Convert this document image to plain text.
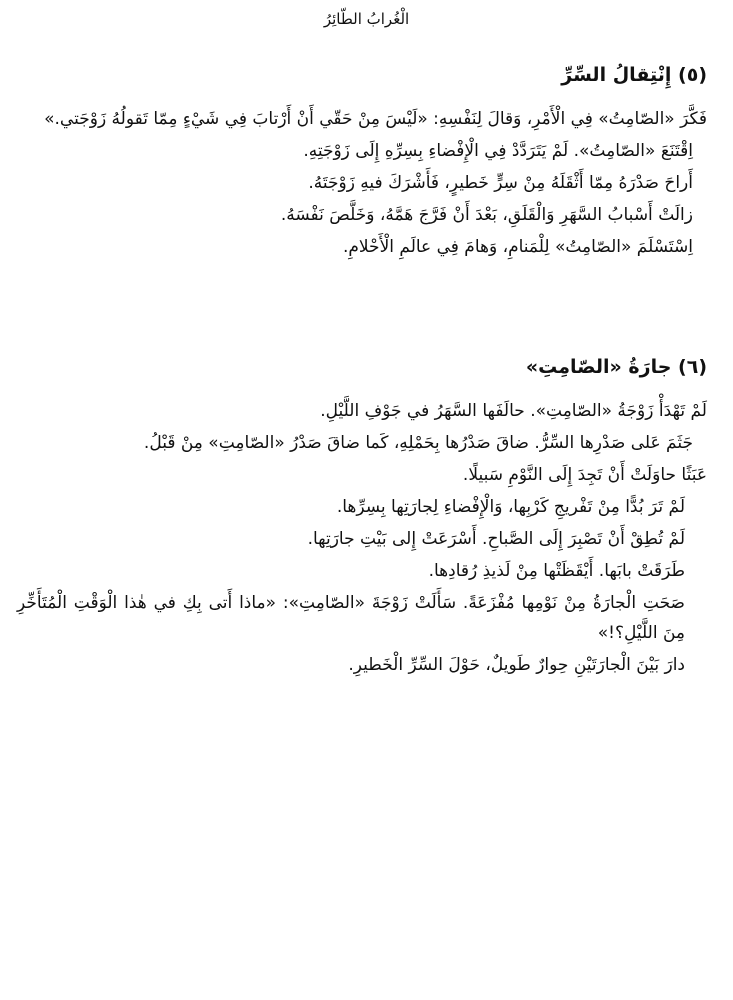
الْغُرابُ الطّائِرُ
(٥) إِنْتِقالُ السِّرِّ

فَكَّرَ «الصّامِتُ» فِي الْأَمْرِ، وَقالَ لِنَفْسِهِ: «لَيْسَ مِنْ حَقّي أَنْ أَرْتابَ فِي شَيْءٍ مِمّا تَقولُهُ زَوْجَتي.»

اِقْتَنَعَ «الصّامِتُ». لَمْ يَتَرَدَّدْ فِي الْإِفْضاءِ بِسِرِّهِ إِلَى زَوْجَتِهِ.

أَراحَ صَدْرَهُ مِمّا أَثْقَلَهُ مِنْ سِرٍّ خَطيرٍ، فَأَشْرَكَ فيهِ زَوْجَتَهُ.

زالَتْ أَسْبابُ السَّهَرِ وَالْقَلَقِ، بَعْدَ أَنْ فَرَّجَ هَمَّهُ، وَخَلَّصَ نَفْسَهُ.

اِسْتَسْلَمَ «الصّامِتُ» لِلْمَنامِ، وَهامَ فِي عالَمِ الْأَحْلامِ.

(٦) جارَةُ «الصّامِتِ»

لَمْ تَهْدَأْ زَوْجَةُ «الصّامِتِ». حالَفَها السَّهَرُ في جَوْفِ اللَّيْلِ.

جَثَمَ عَلى صَدْرِها السِّرُّ. ضاقَ صَدْرُها بِحَمْلِهِ، كَما ضاقَ صَدْرُ «الصّامِتِ» مِنْ قَبْلُ.

عَبَثًا حاوَلَتْ أَنْ تَجِدَ إِلَى النَّوْمِ سَبيلًا.

لَمْ تَرَ بُدًّا مِنْ تَفْريجِ كَرْبِها، وَالْإِفْضاءِ لِجارَتِها بِسِرِّها.

لَمْ تُطِقْ أَنْ تَصْبِرَ إِلَى الصَّباحِ. أَسْرَعَتْ إِلى بَيْتِ جارَتِها.

طَرَقَتْ بابَها. أَيْقَظَتْها مِنْ لَذيذِ رُقادِها.

صَحَتِ الْجارَةُ مِنْ نَوْمِها مُفْزَعَةً. سَأَلَتْ زَوْجَةَ «الصّامِتِ»: «ماذا أَتى بِكِ في هٰذا الْوَقْتِ الْمُتَأَخِّرِ مِنَ اللَّيْلِ؟!»

دارَ بَيْنَ الْجارَتَيْنِ حِوارٌ طَويلٌ، حَوْلَ السِّرِّ الْخَطيرِ.
